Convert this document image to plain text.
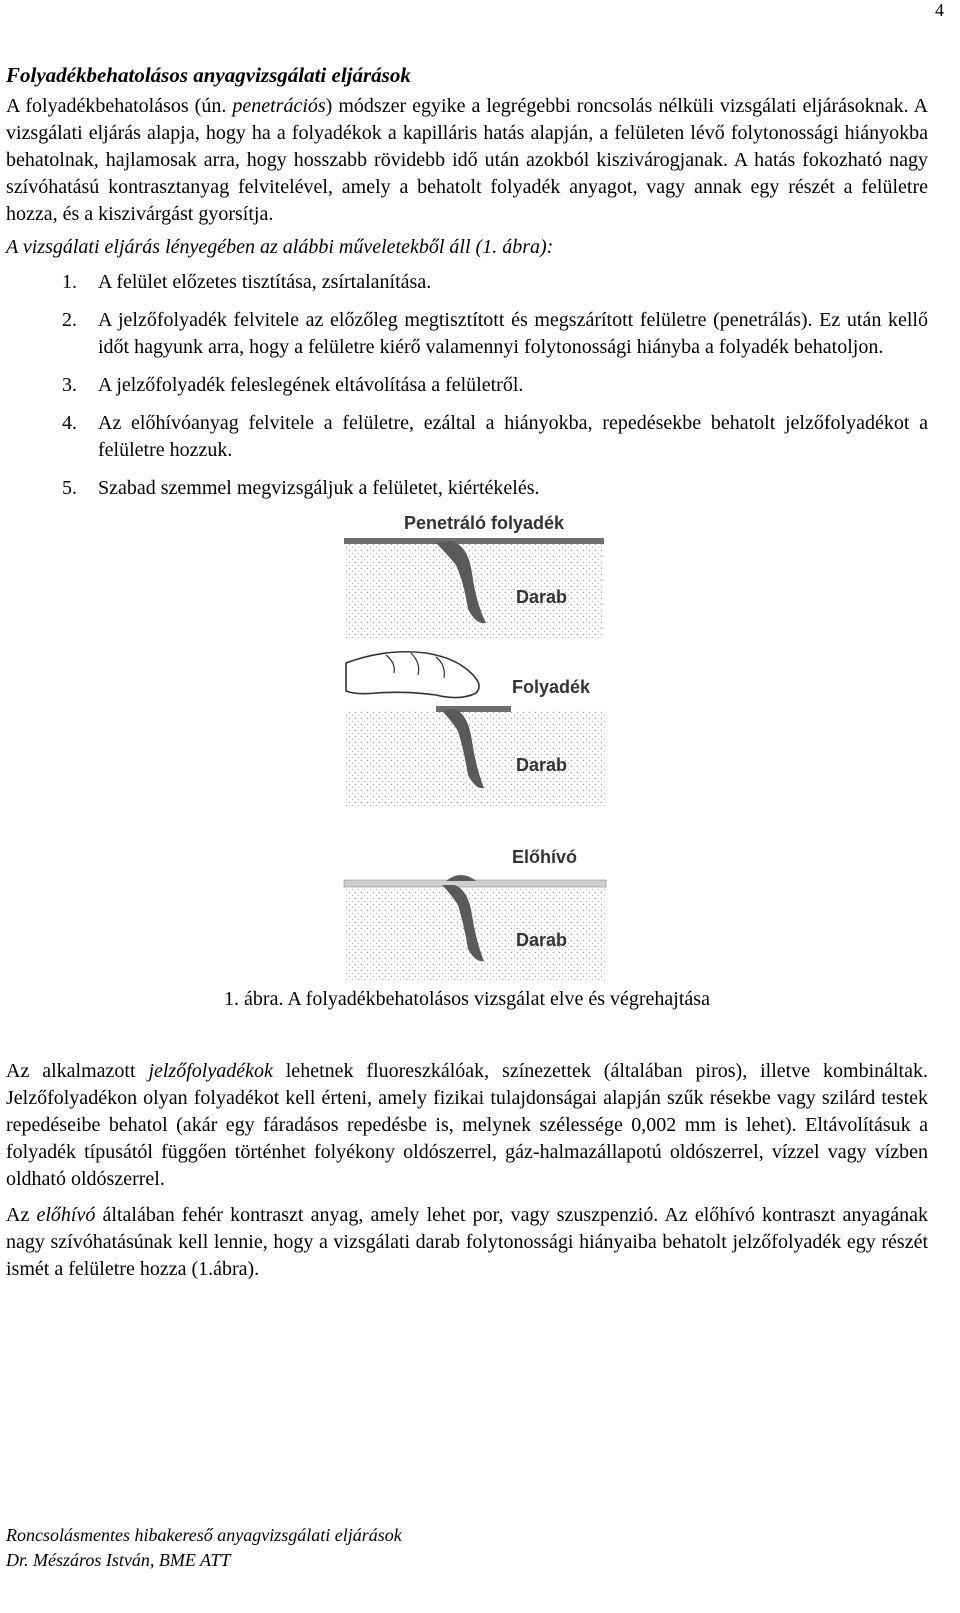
4
Folyadékbehatolásos anyagvizsgálati eljárások

A folyadékbehatolásos (ún. penetrációs) módszer egyike a legrégebbi roncsolás nélküli vizsgálati eljárásoknak. A vizsgálati eljárás alapja, hogy ha a folyadékok a kapilláris hatás alapján, a felületen lévő folytonossági hiányokba behatolnak, hajlamosak arra, hogy hosszabb rövidebb idő után azokból kiszivárogjanak. A hatás fokozható nagy szívóhatású kontrasztanyag felvitelével, amely a behatolt folyadék anyagot, vagy annak egy részét a felületre hozza, és a kiszivárgást gyorsítja.

A vizsgálati eljárás lényegében az alábbi műveletekből áll (1. ábra):
1. A felület előzetes tisztítása, zsírtalanítása.
2. A jelzőfolyadék felvitele az előzőleg megtisztított és megszárított felületre (penetrálás). Ez után kellő időt hagyunk arra, hogy a felületre kiérő valamennyi folytonossági hiányba a folyadék behatoljon.
3. A jelzőfolyadék feleslegének eltávolítása a felületről.
4. Az előhívóanyag felvitele a felületre, ezáltal a hiányokba, repedésekbe behatolt jelzőfolyadékot a felületre hozzuk.
5. Szabad szemmel megvizsgáljuk a felületet, kiértékelés.
Penetráló folyadék
Darab
Folyadék
Darab
Előhívó
Darab
1. ábra. A folyadékbehatolásos vizsgálat elve és végrehajtása

Az alkalmazott jelzőfolyadékok lehetnek fluoreszkálóak, színezettek (általában piros), illetve kombináltak. Jelzőfolyadékon olyan folyadékot kell érteni, amely fizikai tulajdonságai alapján szűk résekbe vagy szilárd testek repedéseibe behatol (akár egy fáradásos repedésbe is, melynek szélessége 0,002 mm is lehet). Eltávolításuk a folyadék típusától függően történhet folyékony oldószerrel, gáz-halmazállapotú oldószerrel, vízzel vagy vízben oldható oldószerrel.

Az előhívó általában fehér kontraszt anyag, amely lehet por, vagy szuszpenzió. Az előhívó kontraszt anyagának nagy szívóhatásúnak kell lennie, hogy a vizsgálati darab folytonossági hiányaiba behatolt jelzőfolyadék egy részét ismét a felületre hozza (1.ábra).

Roncsolásmentes hibakereső anyagvizsgálati eljárások
Dr. Mészáros István, BME ATT
